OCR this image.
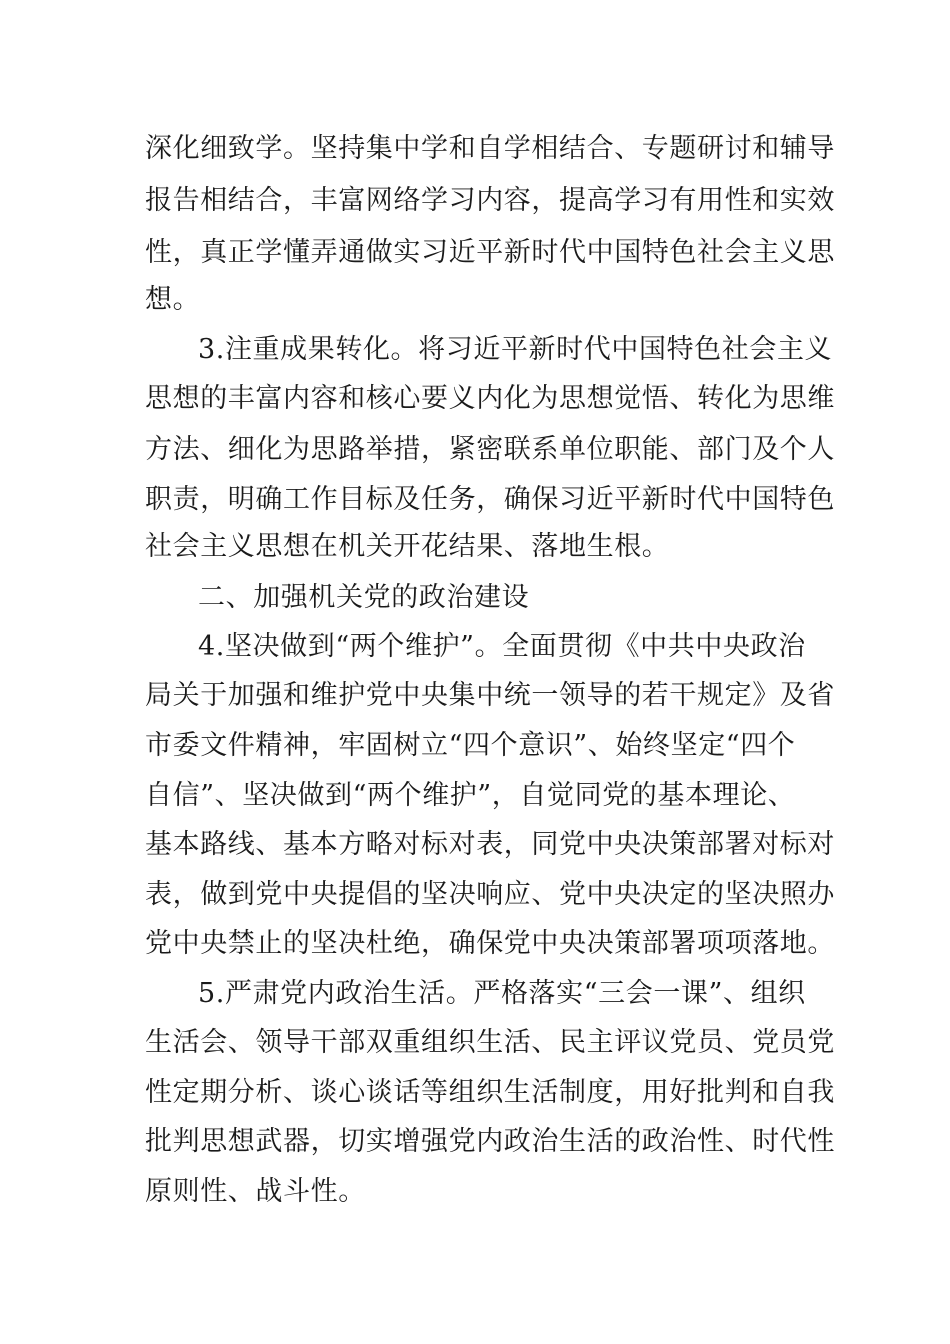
深化细致学。坚持集中学和自学相结合、专题研讨和辅导

报告相结合，丰富网络学习内容，提高学习有用性和实效

性，真正学懂弄通做实习近平新时代中国特色社会主义思

想。

3.注重成果转化。将习近平新时代中国特色社会主义

思想的丰富内容和核心要义内化为思想觉悟、转化为思维

方法、细化为思路举措，紧密联系单位职能、部门及个人

职责，明确工作目标及任务，确保习近平新时代中国特色

社会主义思想在机关开花结果、落地生根。

二、加强机关党的政治建设

4.坚决做到“两个维护”。全面贯彻《中共中央政治

局关于加强和维护党中央集中统一领导的若干规定》及省

市委文件精神，牢固树立“四个意识”、始终坚定“四个

自信”、坚决做到“两个维护”，自觉同党的基本理论、

基本路线、基本方略对标对表，同党中央决策部署对标对

表，做到党中央提倡的坚决响应、党中央决定的坚决照办

党中央禁止的坚决杜绝，确保党中央决策部署项项落地。

5.严肃党内政治生活。严格落实“三会一课”、组织

生活会、领导干部双重组织生活、民主评议党员、党员党

性定期分析、谈心谈话等组织生活制度，用好批判和自我

批判思想武器，切实增强党内政治生活的政治性、时代性

原则性、战斗性。
